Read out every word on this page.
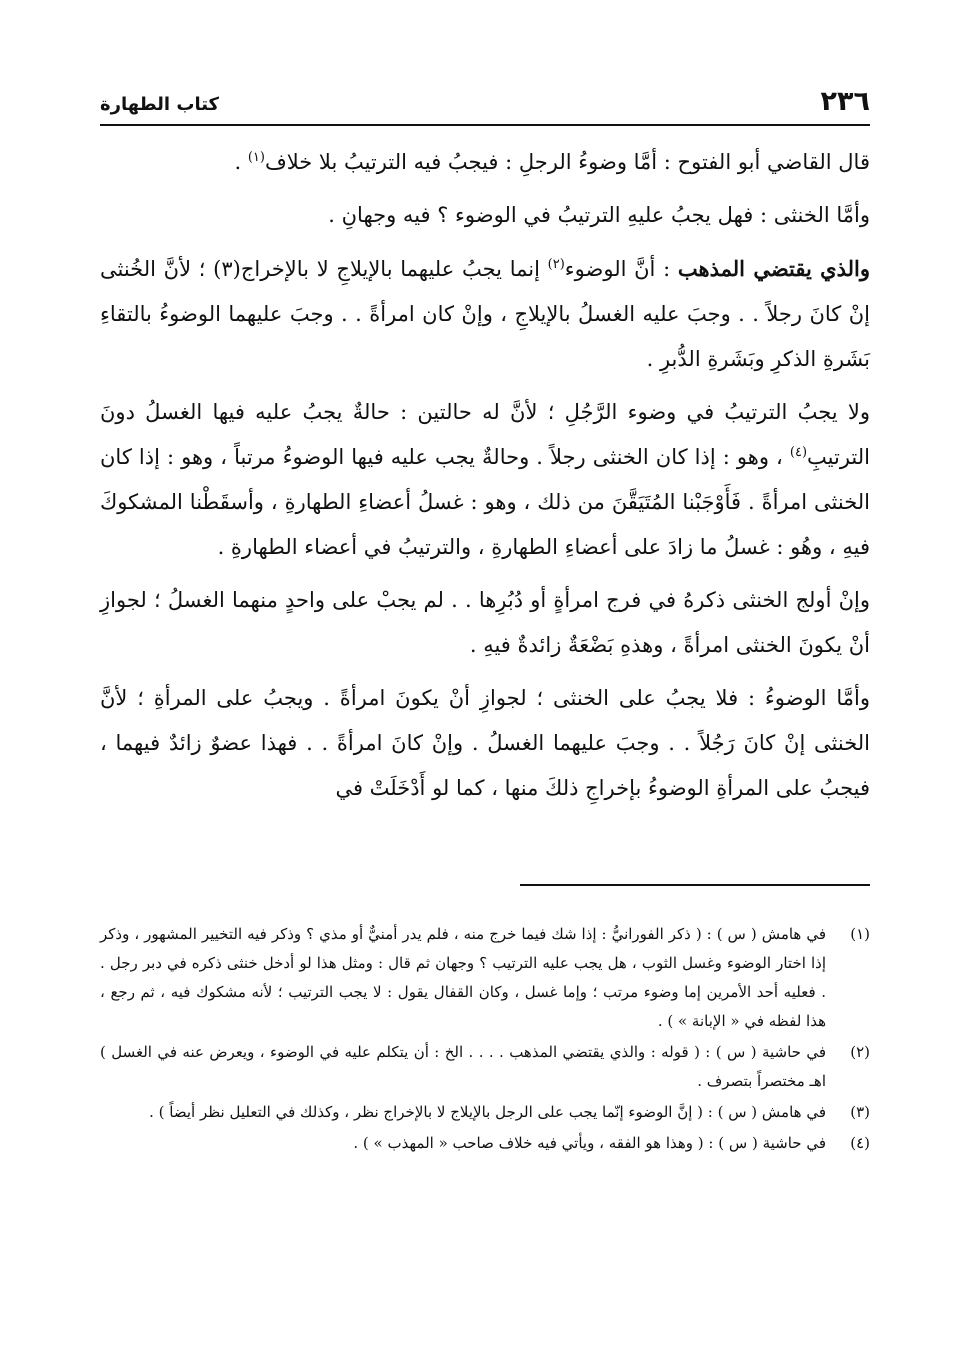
٢٣٦
كتاب الطهارة

قال القاضي أبو الفتوح : أمَّا وضوءُ الرجلِ : فيجبُ فيه الترتيبُ بلا خلاف$^{(١)}$ .

وأمَّا الخنثى : فهل يجبُ عليهِ الترتيبُ في الوضوء ؟ فيه وجهانِ .

والذي يقتضي المذهب : أنَّ الوضوء$^{(٢)}$ إنما يجبُ عليهما بالإيلاجِ لا بالإخراج(٣) ؛ لأنَّ الخُنثى إنْ كانَ رجلاً . . وجبَ عليه الغسلُ بالإيلاجِ ، وإنْ كان امرأةً . . وجبَ عليهما الوضوءُ بالتقاءِ بَشَرةِ الذكرِ وبَشَرةِ الدُّبرِ .

ولا يجبُ الترتيبُ في وضوء الرَّجُلِ ؛ لأنَّ له حالتين : حالةٌ يجبُ عليه فيها الغسلُ دونَ الترتيبِ$^{(٤)}$ ، وهو : إذا كان الخنثى رجلاً . وحالةٌ يجب عليه فيها الوضوءُ مرتباً ، وهو : إذا كان الخنثى امرأةً . فَأَوْجَبْنا المُتَيَقَّنَ من ذلك ، وهو : غسلُ أعضاءِ الطهارةِ ، وأسقَطْنا المشكوكَ فيهِ ، وهُو : غسلُ ما زادَ على أعضاءِ الطهارةِ ، والترتيبُ في أعضاء الطهارةِ .

وإنْ أولج الخنثى ذكرهُ في فرج امرأةٍ أو دُبُرِها . . لم يجبْ على واحدٍ منهما الغسلُ ؛ لجوازِ أنْ يكونَ الخنثى امرأةً ، وهذهِ بَضْعَةٌ زائدةٌ فيهِ .

وأمَّا الوضوءُ : فلا يجبُ على الخنثى ؛ لجوازِ أنْ يكونَ امرأةً . ويجبُ على المرأةِ ؛ لأنَّ الخنثى إنْ كانَ رَجُلاً . . وجبَ عليهما الغسلُ . وإنْ كانَ امرأةً . . فهذا عضوٌ زائدٌ فيهما ، فيجبُ على المرأةِ الوضوءُ بإخراجِ ذلكَ منها ، كما لو أَدْخَلَتْ في

(١)
في هامش ( س ) : ( ذكر الفورانيُّ : إذا شك فيما خرج منه ، فلم يدر أمنيٌّ أو مذي ؟ وذكر فيه التخيير المشهور ، وذكر إذا اختار الوضوء وغسل الثوب ، هل يجب عليه الترتيب ؟ وجهان ثم قال : ومثل هذا لو أدخل خنثى ذكره في دبر رجل . . فعليه أحد الأمرين إما وضوء مرتب ؛ وإما غسل ، وكان القفال يقول : لا يجب الترتيب ؛ لأنه مشكوك فيه ، ثم رجع ، هذا لفظه في « الإبانة » ) .
(٢)
في حاشية ( س ) : ( قوله : والذي يقتضي المذهب . . . . الخ : أن يتكلم عليه في الوضوء ، ويعرض عنه في الغسل ) اهـ مختصراً بتصرف .
(٣)
في هامش ( س ) : ( إنَّ الوضوء إنّما يجب على الرجل بالإيلاج لا بالإخراج نظر ، وكذلك في التعليل نظر أيضاً ) .
(٤)
في حاشية ( س ) : ( وهذا هو الفقه ، ويأتي فيه خلاف صاحب « المهذب » ) .
